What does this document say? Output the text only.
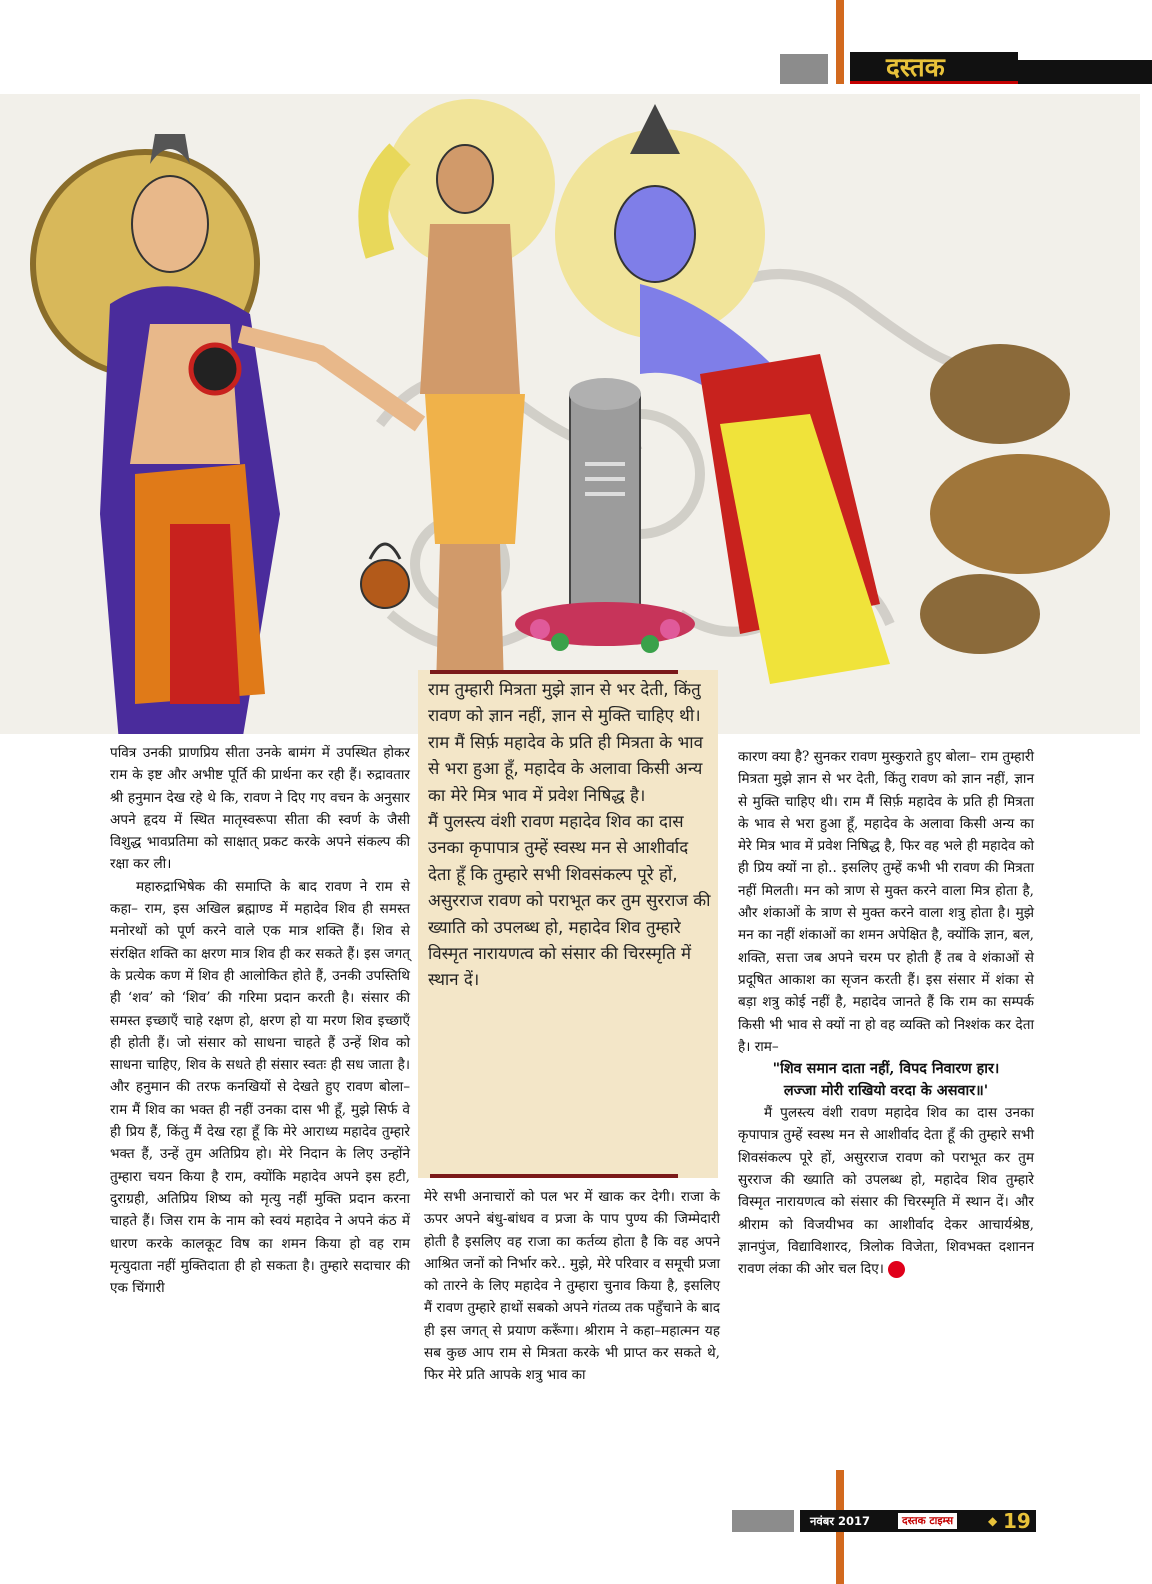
दस्तक

पवित्र उनकी प्राणप्रिय सीता उनके बामंग में उपस्थित होकर राम के इष्ट और अभीष्ट पूर्ति की प्रार्थना कर रही हैं। रुद्रावतार श्री हनुमान देख रहे थे कि, रावण ने दिए गए वचन के अनुसार अपने हृदय में स्थित मातृस्वरूपा सीता की स्वर्ण के जैसी विशुद्ध भावप्रतिमा को साक्षात् प्रकट करके अपने संकल्प की रक्षा कर ली।

महारुद्राभिषेक की समाप्ति के बाद रावण ने राम से कहा– राम, इस अखिल ब्रह्माण्ड में महादेव शिव ही समस्त मनोरथों को पूर्ण करने वाले एक मात्र शक्ति हैं। शिव से संरक्षित शक्ति का क्षरण मात्र शिव ही कर सकते हैं। इस जगत् के प्रत्येक कण में शिव ही आलोकित होते हैं, उनकी उपस्तिथि ही ‘शव’ को ‘शिव’ की गरिमा प्रदान करती है। संसार की समस्त इच्छाएँ चाहे रक्षण हो, क्षरण हो या मरण शिव इच्छाएँ ही होती हैं। जो संसार को साधना चाहते हैं उन्हें शिव को साधना चाहिए, शिव के सधते ही संसार स्वतः ही सध जाता है। और हनुमान की तरफ कनखियों से देखते हुए रावण बोला– राम मैं शिव का भक्त ही नहीं उनका दास भी हूँ, मुझे सिर्फ वे ही प्रिय हैं, किंतु मैं देख रहा हूँ कि मेरे आराध्य महादेव तुम्हारे भक्त हैं, उन्हें तुम अतिप्रिय हो। मेरे निदान के लिए उन्होंने तुम्हारा चयन किया है राम, क्योंकि महादेव अपने इस हटी, दुराग्रही, अतिप्रिय शिष्य को मृत्यु नहीं मुक्ति प्रदान करना चाहते हैं। जिस राम के नाम को स्वयं महादेव ने अपने कंठ में धारण करके कालकूट विष का शमन किया हो वह राम मृत्युदाता नहीं मुक्तिदाता ही हो सकता है। तुम्हारे सदाचार की एक चिंगारी

राम तुम्हारी मित्रता मुझे ज्ञान से भर देती, किंतु रावण को ज्ञान नहीं, ज्ञान से मुक्ति चाहिए थी। राम मैं सिर्फ़ महादेव के प्रति ही मित्रता के भाव से भरा हुआ हूँ, महादेव के अलावा किसी अन्य का मेरे मित्र भाव में प्रवेश निषिद्ध है।

मैं पुलस्त्य वंशी रावण महादेव शिव का दास उनका कृपापात्र तुम्हें स्वस्थ मन से आशीर्वाद देता हूँ कि तुम्हारे सभी शिवसंकल्प पूरे हों, असुरराज रावण को पराभूत कर तुम सुरराज की ख्याति को उपलब्ध हो, महादेव शिव तुम्हारे विस्मृत नारायणत्व को संसार की चिरस्मृति में स्थान दें।

मेरे सभी अनाचारों को पल भर में खाक कर देगी। राजा के ऊपर अपने बंधु-बांधव व प्रजा के पाप पुण्य की जिम्मेदारी होती है इसलिए वह राजा का कर्तव्य होता है कि वह अपने आश्रित जनों को निर्भार करे.. मुझे, मेरे परिवार व समूची प्रजा को तारने के लिए महादेव ने तुम्हारा चुनाव किया है, इसलिए मैं रावण तुम्हारे हाथों सबको अपने गंतव्य तक पहुँचाने के बाद ही इस जगत् से प्रयाण करूँगा। श्रीराम ने कहा–महात्मन यह सब कुछ आप राम से मित्रता करके भी प्राप्त कर सकते थे, फिर मेरे प्रति आपके शत्रु भाव का

कारण क्या है? सुनकर रावण मुस्कुराते हुए बोला– राम तुम्हारी मित्रता मुझे ज्ञान से भर देती, किंतु रावण को ज्ञान नहीं, ज्ञान से मुक्ति चाहिए थी। राम मैं सिर्फ़ महादेव के प्रति ही मित्रता के भाव से भरा हुआ हूँ, महादेव के अलावा किसी अन्य का मेरे मित्र भाव में प्रवेश निषिद्ध है, फिर वह भले ही महादेव को ही प्रिय क्यों ना हो.. इसलिए तुम्हें कभी भी रावण की मित्रता नहीं मिलती। मन को त्राण से मुक्त करने वाला मित्र होता है, और शंकाओं के त्राण से मुक्त करने वाला शत्रु होता है। मुझे मन का नहीं शंकाओं का शमन अपेक्षित है, क्योंकि ज्ञान, बल, शक्ति, सत्ता जब अपने चरम पर होती हैं तब वे शंकाओं से प्रदूषित आकाश का सृजन करती हैं। इस संसार में शंका से बड़ा शत्रु कोई नहीं है, महादेव जानते हैं कि राम का सम्पर्क किसी भी भाव से क्यों ना हो वह व्यक्ति को निश्शंक कर देता है। राम–

"शिव समान दाता नहीं, विपद निवारण हार।

लज्जा मोरी राखियो वरदा के असवार॥'

मैं पुलस्त्य वंशी रावण महादेव शिव का दास उनका कृपापात्र तुम्हें स्वस्थ मन से आशीर्वाद देता हूँ की तुम्हारे सभी शिवसंकल्प पूरे हों, असुरराज रावण को पराभूत कर तुम सुरराज की ख्याति को उपलब्ध हो, महादेव शिव तुम्हारे विस्मृत नारायणत्व को संसार की चिरस्मृति में स्थान दें। और श्रीराम को विजयीभव का आशीर्वाद देकर आचार्यश्रेष्ठ, ज्ञानपुंज, विद्याविशारद, त्रिलोक विजेता, शिवभक्त दशानन रावण लंका की ओर चल दिए।

नवंबर 2017	दस्तक टाइम्स	◆ 19
